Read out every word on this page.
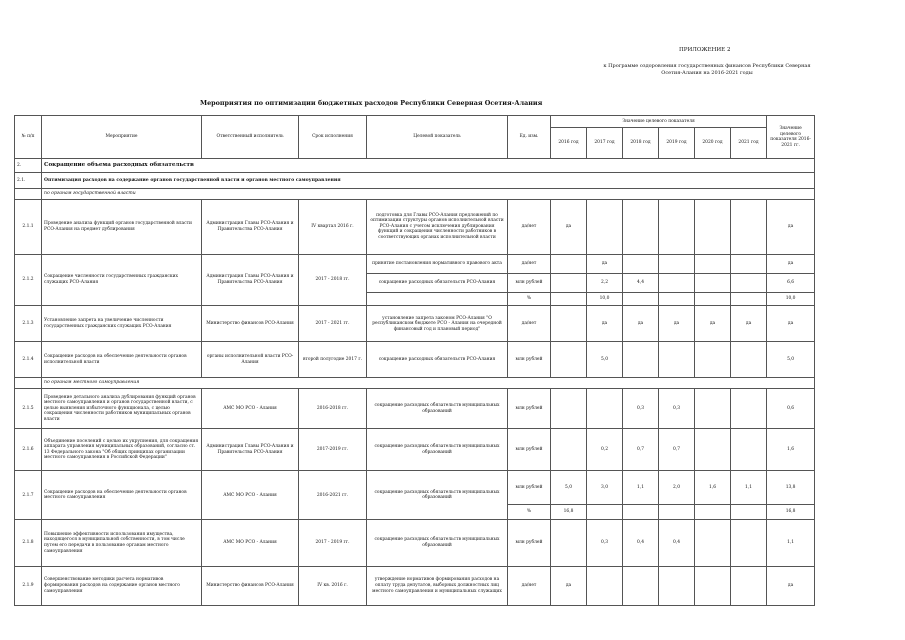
ПРИЛОЖЕНИЕ 2
к Программе оздоровления государственных финансов Республики Северная Осетия-Алания на 2016-2021 годы
Мероприятия по оптимизации бюджетных расходов Республики Северная Осетия-Алания
№ п/п	Мероприятие	Ответственный исполнитель	Срок исполнения	Целевой показатель	Ед. изм.	Значение целевого показателя						Значение целевого показателя 2016-2021 гг.
						2016 год	2017 год	2018 год	2019 год	2020 год	2021 год	
2.	Сокращение объема расходных обязательств											
2.1.	Оптимизация расходов на содержание органов государственной власти и органов местного самоуправления											
	по органам государственной власти											
2.1.1	Проведение анализа функций органов государственной власти РСО-Алания на предмет дублирования	Администрация Главы РСО-Алания и Правительства РСО-Алания	IV квартал 2016 г.	подготовка для Главы РСО-Алания предложений по оптимизации структуры органов исполнительной власти РСО-Алания с учетом исключения дублирования функций и сокращения численности работников в соответствующих органах исполнительной власти	да/нет	да						да
2.1.2	Сокращение численности государственных гражданских служащих РСО-Алания	Администрация Главы РСО-Алания и Правительства РСО-Алания	2017 - 2018 гг.	принятие постановления нормативного правового акта	да/нет		да					да
				сокращение расходных обязательств РСО-Алания	млн рублей		2,2	4,4				6,6
					%		10,0					10,0
2.1.3	Установление запрета на увеличение численности государственных гражданских служащих РСО-Алания	Министерство финансов РСО-Алания	2017 - 2021 гг.	установление запрета законом РСО-Алания "О республиканском бюджете РСО - Алания на очередной финансовый год и плановый период"	да/нет		да	да	да	да	да	да
2.1.4	Сокращение расходов на обеспечение деятельности органов исполнительной власти	органы исполнительной власти РСО-Алания	второй полугодие 2017 г.	сокращение расходных обязательств РСО-Алания	млн рублей		5,0					5,0
	по органам местного самоуправления											
2.1.5	Проведение детального анализа дублирования функций органов местного самоуправления и органов государственной власти, с целью выявления избыточного функционала, с целью сокращения численности работников муниципальных органов власти	АМС МО РСО - Алания	2016-2018 гг.	сокращение расходных обязательств муниципальных образований	млн рублей			0,3	0,3			0,6
2.1.6	Объединение поселений с целью их укрупнения, для сокращения аппарата управления муниципальных образований, согласно ст. 13 Федерального закона "Об общих принципах организации местного самоуправления в Российской Федерации"	Администрация Главы РСО-Алания и Правительства РСО-Алания	2017-2019 гг.	сокращение расходных обязательств муниципальных образований	млн рублей		0,2	0,7	0,7			1,6
2.1.7	Сокращение расходов на обеспечение деятельности органов местного самоуправления	АМС МО РСО - Алания	2016-2021 гг.	сокращение расходных обязательств муниципальных образований	млн рублей	5,0	3,0	1,1	2,0	1,6	1,1	13,8
					%	16,8						16,8
2.1.8	Повышение эффективности использования имущества, находящегося в муниципальной собственности, в том числе путем его передачи в пользование органам местного самоуправления	АМС МО РСО - Алания	2017 - 2019 гг.	сокращение расходных обязательств муниципальных образований	млн рублей		0,3	0,4	0,4			1,1
2.1.9	Совершенствование методики расчета нормативов формирования расходов на содержание органов местного самоуправления	Министерство финансов РСО-Алания	IV кв. 2016 г.	утверждение нормативов формирования расходов на оплату труда депутатов, выборных должностных лиц местного самоуправления и муниципальных служащих	да/нет	да						да
